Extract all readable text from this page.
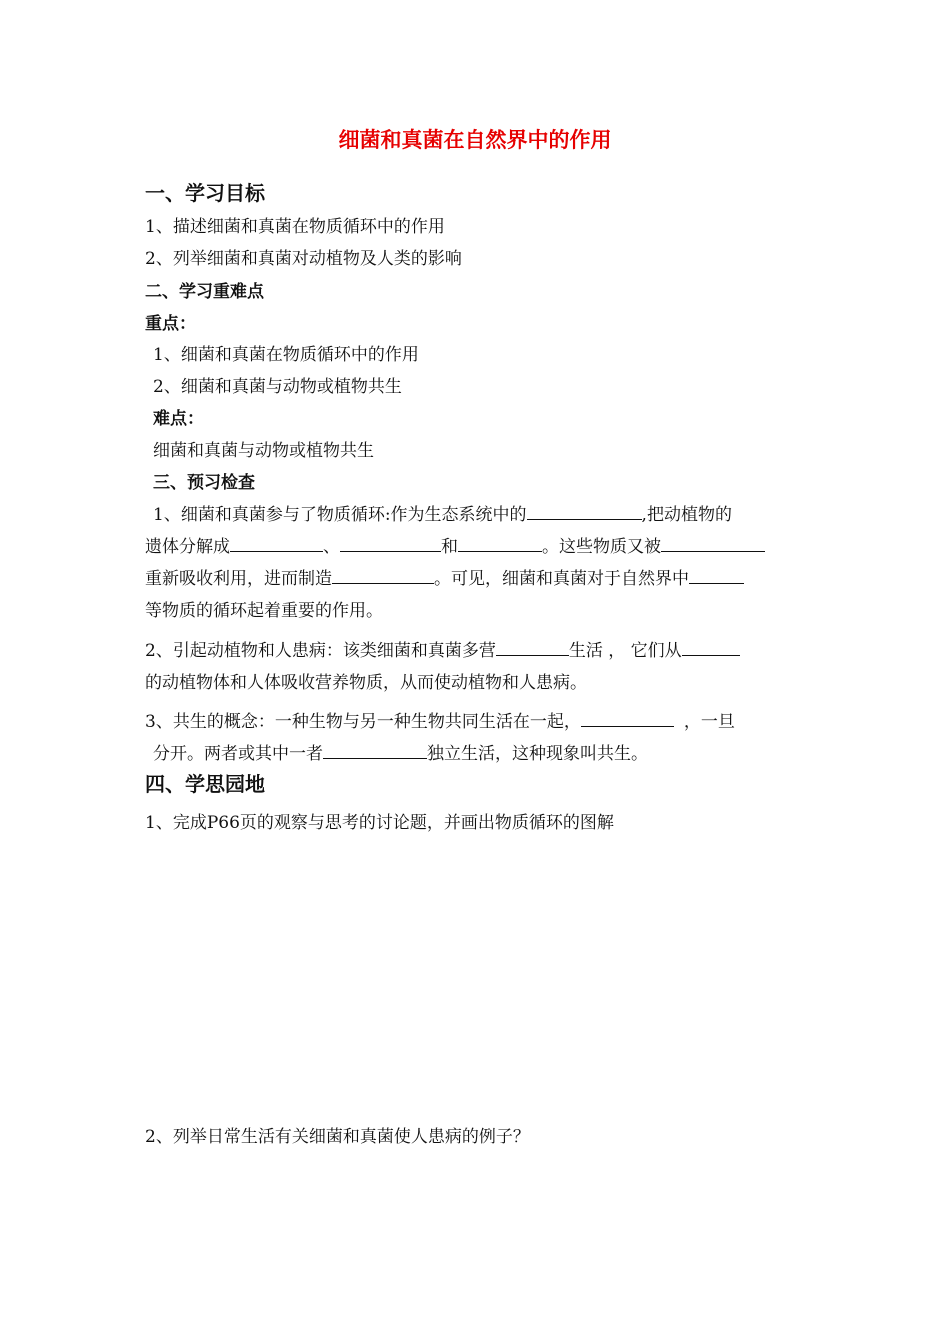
细菌和真菌在自然界中的作用
一、学习目标
1、描述细菌和真菌在物质循环中的作用
2、列举细菌和真菌对动植物及人类的影响
二、学习重难点
重点：
1、细菌和真菌在物质循环中的作用
2、细菌和真菌与动物或植物共生
难点：
细菌和真菌与动物或植物共生
三、预习检查
1、细菌和真菌参与了物质循环:作为生态系统中的	,把动植物的
遗体分解成	、	和	。这些物质又被
重新吸收利用，进而制造	。可见，细菌和真菌对于自然界中
等物质的循环起着重要的作用。
2、引起动植物和人患病：该类细菌和真菌多营	生活 ， 它们从
的动植物体和人体吸收营养物质，从而使动植物和人患病。
3、共生的概念：一种生物与另一种生物共同生活在一起，	，一旦
分开。两者或其中一者	独立生活，这种现象叫共生。
四、学思园地
1、完成P66页的观察与思考的讨论题，并画出物质循环的图解
2、列举日常生活有关细菌和真菌使人患病的例子？
